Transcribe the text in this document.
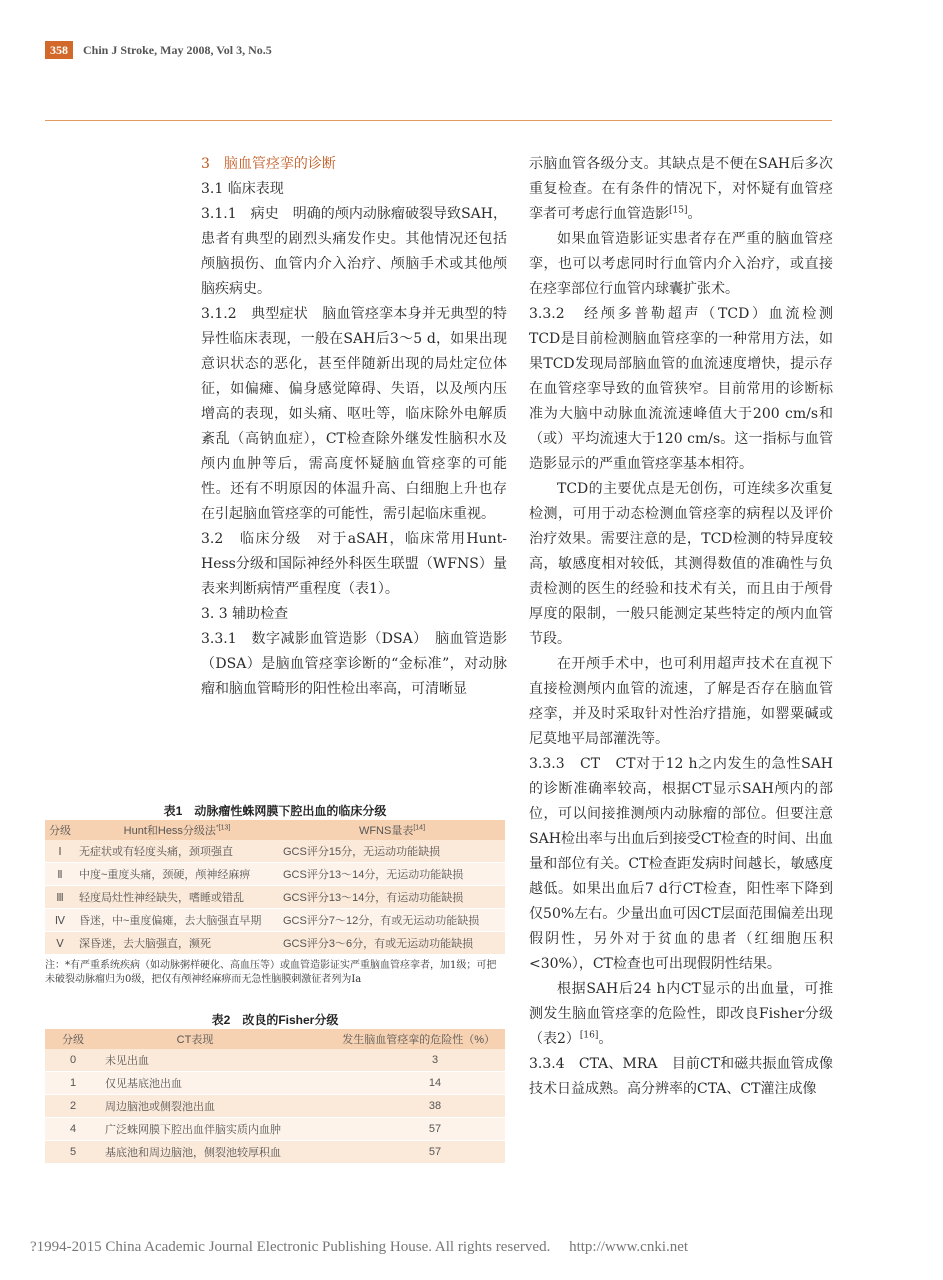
358	Chin J Stroke, May 2008, Vol 3, No.5

3　脑血管痉挛的诊断

3.1 临床表现

3.1.1　病史　明确的颅内动脉瘤破裂导致SAH，患者有典型的剧烈头痛发作史。其他情况还包括颅脑损伤、血管内介入治疗、颅脑手术或其他颅脑疾病史。

3.1.2　典型症状　脑血管痉挛本身并无典型的特异性临床表现，一般在SAH后3～5 d，如果出现意识状态的恶化，甚至伴随新出现的局灶定位体征，如偏瘫、偏身感觉障碍、失语，以及颅内压增高的表现，如头痛、呕吐等，临床除外电解质紊乱（高钠血症），CT检查除外继发性脑积水及颅内血肿等后，需高度怀疑脑血管痉挛的可能性。还有不明原因的体温升高、白细胞上升也存在引起脑血管痉挛的可能性，需引起临床重视。

3.2　临床分级　对于aSAH，临床常用Hunt-Hess分级和国际神经外科医生联盟（WFNS）量表来判断病情严重程度（表1）。

3. 3 辅助检查

3.3.1　数字减影血管造影（DSA）　脑血管造影（DSA）是脑血管痉挛诊断的“金标准”，对动脉瘤和脑血管畸形的阳性检出率高，可清晰显

示脑血管各级分支。其缺点是不便在SAH后多次重复检查。在有条件的情况下，对怀疑有血管痉挛者可考虑行血管造影[15]。

如果血管造影证实患者存在严重的脑血管痉挛，也可以考虑同时行血管内介入治疗，或直接在痉挛部位行血管内球囊扩张术。

3.3.2　经颅多普勒超声（TCD）血流检测　TCD是目前检测脑血管痉挛的一种常用方法，如果TCD发现局部脑血管的血流速度增快，提示存在血管痉挛导致的血管狭窄。目前常用的诊断标准为大脑中动脉血流流速峰值大于200 cm/s和（或）平均流速大于120 cm/s。这一指标与血管造影显示的严重血管痉挛基本相符。

TCD的主要优点是无创伤，可连续多次重复检测，可用于动态检测血管痉挛的病程以及评价治疗效果。需要注意的是，TCD检测的特异度较高，敏感度相对较低，其测得数值的准确性与负责检测的医生的经验和技术有关，而且由于颅骨厚度的限制，一般只能测定某些特定的颅内血管节段。

在开颅手术中，也可利用超声技术在直视下直接检测颅内血管的流速，了解是否存在脑血管痉挛，并及时采取针对性治疗措施，如罂粟碱或尼莫地平局部灌洗等。

3.3.3　CT　CT对于12 h之内发生的急性SAH的诊断准确率较高，根据CT显示SAH颅内的部位，可以间接推测颅内动脉瘤的部位。但要注意SAH检出率与出血后到接受CT检查的时间、出血量和部位有关。CT检查距发病时间越长，敏感度越低。如果出血后7 d行CT检查，阳性率下降到仅50%左右。少量出血可因CT层面范围偏差出现假阴性，另外对于贫血的患者（红细胞压积<30%），CT检查也可出现假阴性结果。

根据SAH后24 h内CT显示的出血量，可推测发生脑血管痉挛的危险性，即改良Fisher分级（表2）[16]。

3.3.4　CTA、MRA　目前CT和磁共振血管成像技术日益成熟。高分辨率的CTA、CT灌注成像

表1　动脉瘤性蛛网膜下腔出血的临床分级
分级	Hunt和Hess分级法$^{*[13]}$	WFNS量表[14]
Ⅰ	无症状或有轻度头痛，颈项强直	GCS评分15分，无运动功能缺损
Ⅱ	中度~重度头痛，颈硬，颅神经麻痹	GCS评分13～14分，无运动功能缺损
Ⅲ	轻度局灶性神经缺失，嗜睡或错乱	GCS评分13～14分，有运动功能缺损
Ⅳ	昏迷，中~重度偏瘫，去大脑强直早期	GCS评分7～12分，有或无运动功能缺损
Ⅴ	深昏迷，去大脑强直，濒死	GCS评分3～6分，有或无运动功能缺损
注：*有严重系统疾病（如动脉粥样硬化、高血压等）或血管造影证实严重脑血管痉挛者，加1级；可把未破裂动脉瘤归为0级，把仅有颅神经麻痹而无急性脑膜刺激征者列为Ⅰa
表2　改良的Fisher分级
分级	CT表现	发生脑血管痉挛的危险性（%）
0	未见出血	3
1	仅见基底池出血	14
2	周边脑池或侧裂池出血	38
4	广泛蛛网膜下腔出血伴脑实质内血肿	57
5	基底池和周边脑池，侧裂池较厚积血	57
?1994-2015 China Academic Journal Electronic Publishing House. All rights reserved.　 http://www.cnki.net
